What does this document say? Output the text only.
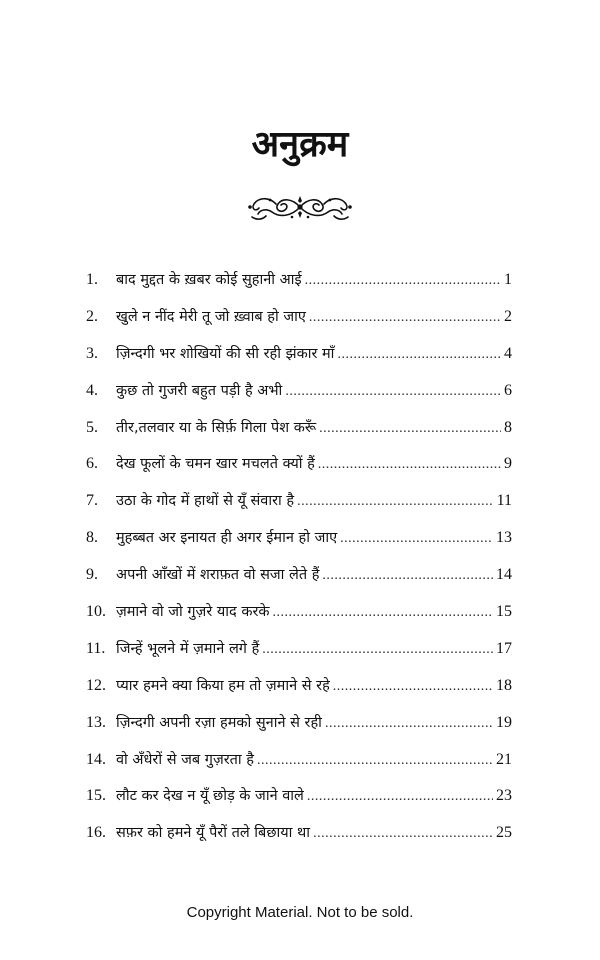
अनुक्रम
1.	बाद मुद्दत के ख़बर कोई सुहानी आई .....	1
2.	खुले न नींद मेरी तू जो ख़्वाब हो जाए .....	2
3.	ज़िन्दगी भर शोखियों की सी रही झंकार माँ .....	4
4.	कुछ तो गुजरी बहुत पड़ी है अभी .....	6
5.	तीर,तलवार या के सिर्फ़ गिला पेश करूँ .....	8
6.	देख फूलों के चमन खार मचलते क्यों हैं .....	9
7.	उठा के गोद में हाथों से यूँ संवारा है .....	11
8.	मुहब्बत अर इनायत ही अगर ईमान हो जाए .....	13
9.	अपनी आँखों में शराफ़त वो सजा लेते हैं .....	14
10. ज़माने वो जो गुज़रे याद करके .....	15
11. जिन्हें भूलने में ज़माने लगे हैं .....	17
12. प्यार हमने क्या किया हम तो ज़माने से रहे .....	18
13. ज़िन्दगी अपनी रज़ा हमको सुनाने से रही .....	19
14. वो अँधेरों से जब गुज़रता है .....	21
15. लौट कर देख न यूँ छोड़ के जाने वाले .....	23
16. सफ़र को हमने यूँ पैरों तले बिछाया था .....	25
Copyright Material. Not to be sold.
